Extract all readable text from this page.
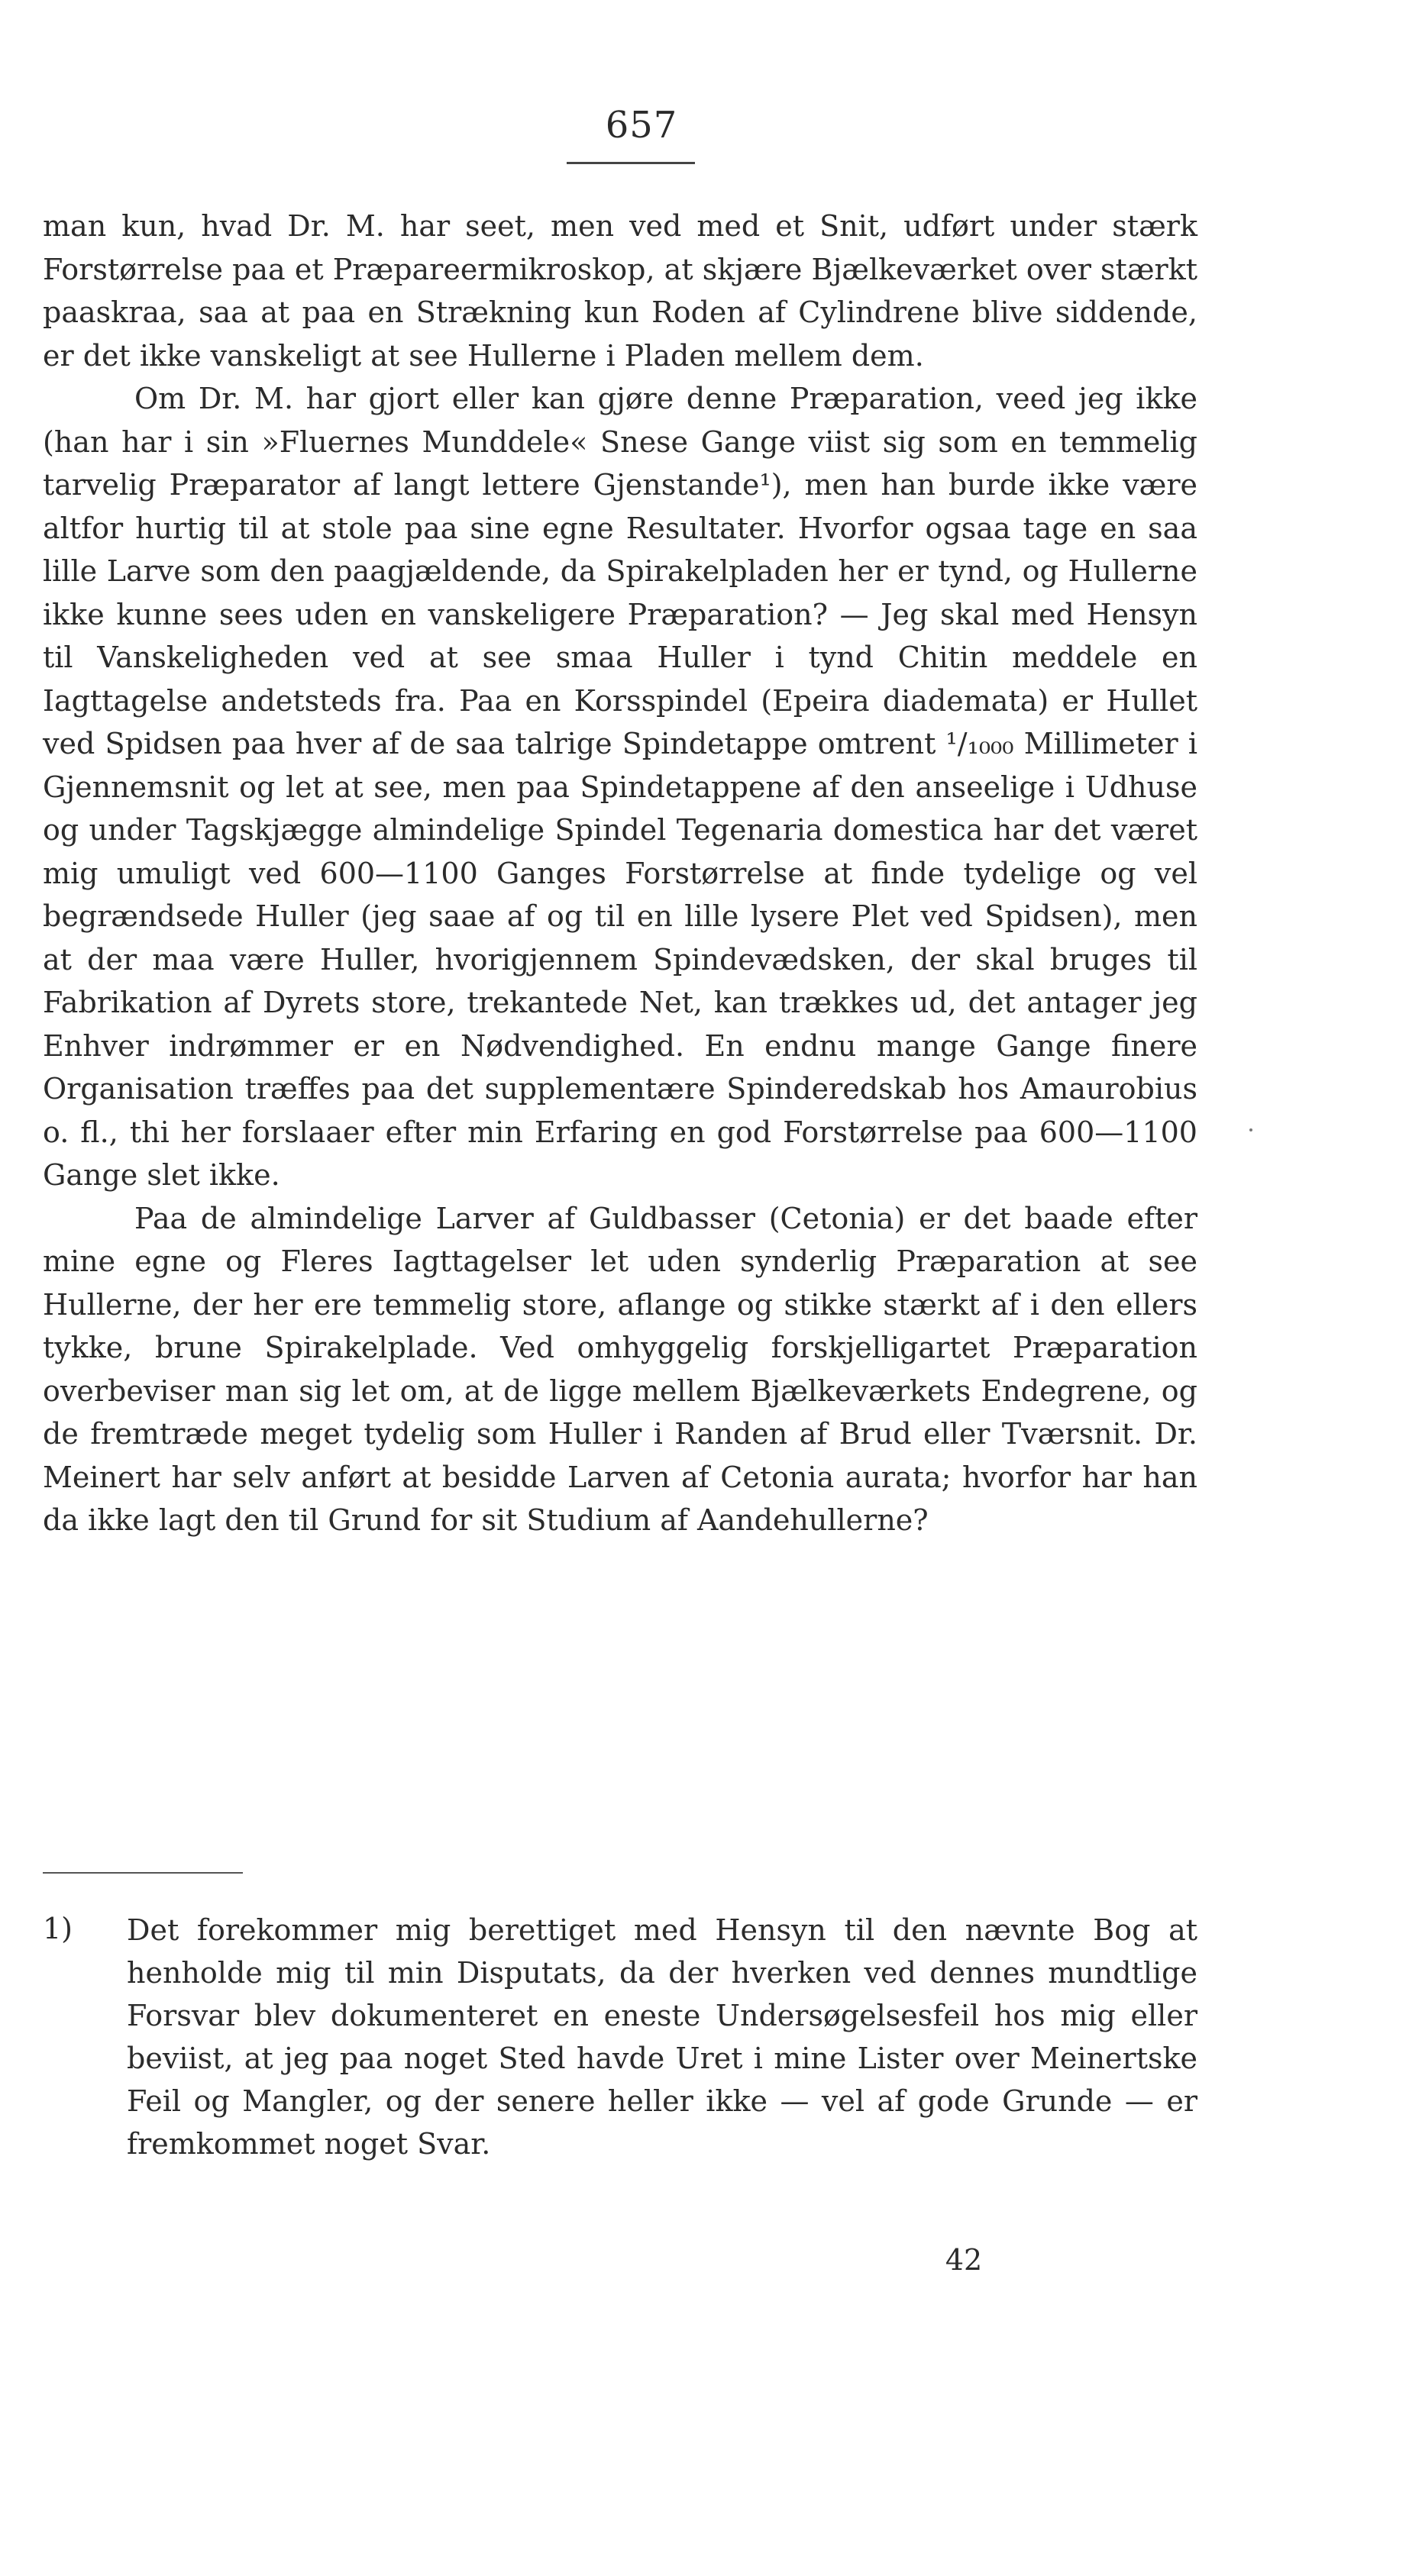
657

man kun, hvad Dr. M. har seet, men ved med et Snit, udført under stærk Forstørrelse paa et Præpareermikroskop, at skjære Bjælkeværket over stærkt paaskraa, saa at paa en Strækning kun Roden af Cylindrene blive siddende, er det ikke vanskeligt at see Hullerne i Pladen mellem dem.

Om Dr. M. har gjort eller kan gjøre denne Præparation, veed jeg ikke (han har i sin »Fluernes Munddele« Snese Gange viist sig som en temmelig tarvelig Præparator af langt lettere Gjenstande¹), men han burde ikke være altfor hurtig til at stole paa sine egne Resultater. Hvorfor ogsaa tage en saa lille Larve som den paagjældende, da Spirakelpladen her er tynd, og Hullerne ikke kunne sees uden en vanskeligere Præparation? — Jeg skal med Hensyn til Vanskeligheden ved at see smaa Huller i tynd Chitin meddele en Iagttagelse andetsteds fra. Paa en Korsspindel (Epeira diademata) er Hullet ved Spidsen paa hver af de saa talrige Spindetappe omtrent ¹/₁₀₀₀ Millimeter i Gjennemsnit og let at see, men paa Spindetappene af den anseelige i Udhuse og under Tagskjægge almindelige Spindel Tegenaria domestica har det været mig umuligt ved 600—1100 Ganges Forstørrelse at finde tydelige og vel begrændsede Huller (jeg saae af og til en lille lysere Plet ved Spidsen), men at der maa være Huller, hvorigjennem Spindevædsken, der skal bruges til Fabrikation af Dyrets store, trekantede Net, kan trækkes ud, det antager jeg Enhver indrømmer er en Nødvendighed. En endnu mange Gange finere Organisation træffes paa det supplementære Spinderedskab hos Amaurobius o. fl., thi her forslaaer efter min Erfaring en god Forstørrelse paa 600—1100 Gange slet ikke.

Paa de almindelige Larver af Guldbasser (Cetonia) er det baade efter mine egne og Fleres Iagttagelser let uden synderlig Præparation at see Hullerne, der her ere temmelig store, aflange og stikke stærkt af i den ellers tykke, brune Spirakelplade. Ved omhyggelig forskjelligartet Præparation overbeviser man sig let om, at de ligge mellem Bjælkeværkets Endegrene, og de fremtræde meget tydelig som Huller i Randen af Brud eller Tværsnit. Dr. Meinert har selv anført at besidde Larven af Cetonia aurata; hvorfor har han da ikke lagt den til Grund for sit Studium af Aandehullerne?

1)	Det forekommer mig berettiget med Hensyn til den nævnte Bog at henholde mig til min Disputats, da der hverken ved dennes mundtlige Forsvar blev dokumenteret en eneste Undersøgelsesfeil hos mig eller beviist, at jeg paa noget Sted havde Uret i mine Lister over Meinertske Feil og Mangler, og der senere heller ikke — vel af gode Grunde — er fremkommet noget Svar.
42
